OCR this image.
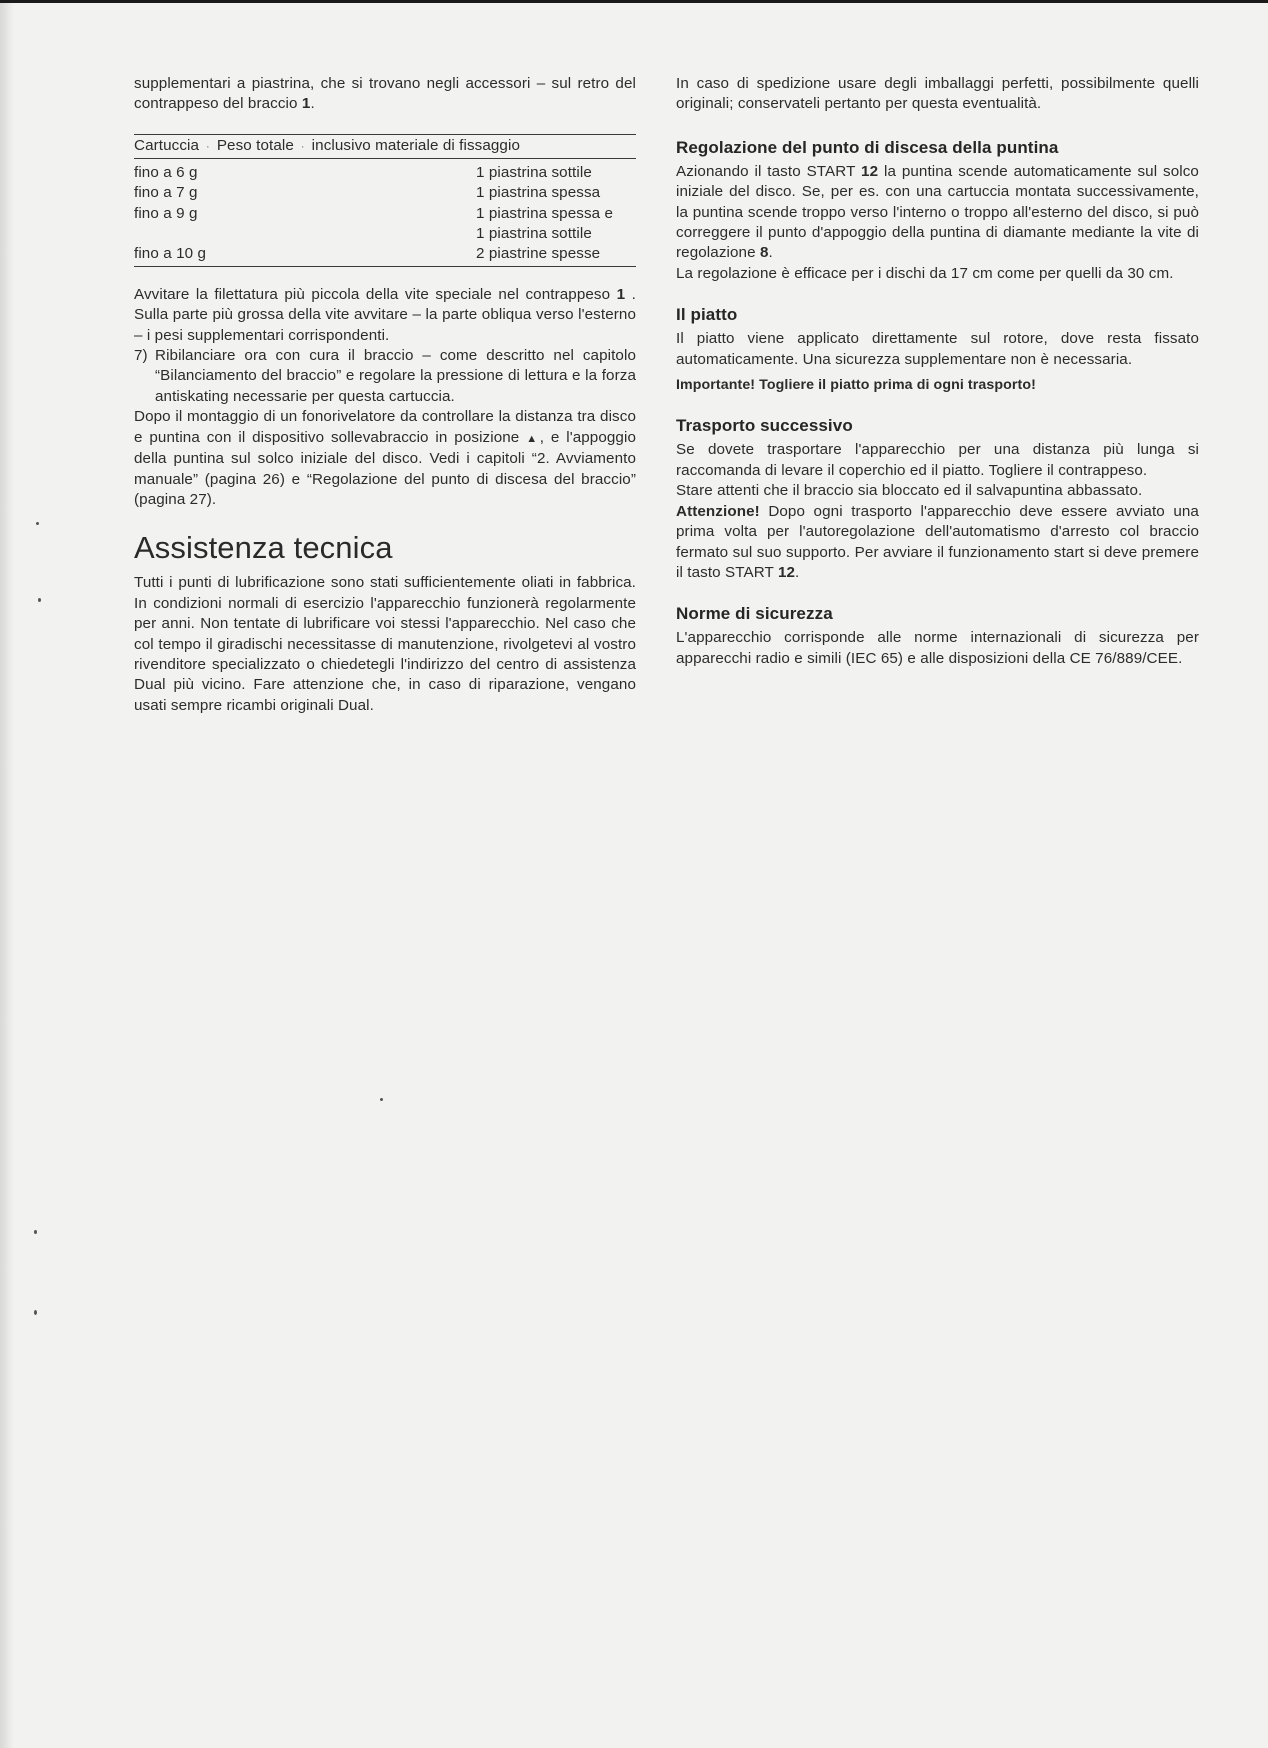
supplementari a piastrina, che si trovano negli accessori – sul retro del contrappeso del braccio 1.

Cartuccia · Peso totale · inclusivo materiale di fissaggio
fino a 6 g	1 piastrina sottile
fino a 7 g	1 piastrina spessa
fino a 9 g	1 piastrina spessa e
1 piastrina sottile
fino a 10 g	2 piastrine spesse

Avvitare la filettatura più piccola della vite speciale nel contrappeso 1 . Sulla parte più grossa della vite avvitare – la parte obliqua verso l'esterno – i pesi supplementari corrispondenti.

7) Ribilanciare ora con cura il braccio – come descritto nel capitolo “Bilanciamento del braccio” e regolare la pressione di lettura e la forza antiskating necessarie per questa cartuccia.

Dopo il montaggio di un fonorivelatore da controllare la distanza tra disco e puntina con il dispositivo sollevabraccio in posizione ▲, e l'appoggio della puntina sul solco iniziale del disco. Vedi i capitoli “2. Avviamento manuale” (pagina 26) e “Regolazione del punto di discesa del braccio” (pagina 27).

Assistenza tecnica

Tutti i punti di lubrificazione sono stati sufficientemente oliati in fabbrica. In condizioni normali di esercizio l'apparecchio funzionerà regolarmente per anni. Non tentate di lubrificare voi stessi l'apparecchio. Nel caso che col tempo il giradischi necessitasse di manutenzione, rivolgetevi al vostro rivenditore specializzato o chiedetegli l'indirizzo del centro di assistenza Dual più vicino. Fare attenzione che, in caso di riparazione, vengano usati sempre ricambi originali Dual.

In caso di spedizione usare degli imballaggi perfetti, possibilmente quelli originali; conservateli pertanto per questa eventualità.

Regolazione del punto di discesa della puntina

Azionando il tasto START 12 la puntina scende automaticamente sul solco iniziale del disco. Se, per es. con una cartuccia montata successivamente, la puntina scende troppo verso l'interno o troppo all'esterno del disco, si può correggere il punto d'appoggio della puntina di diamante mediante la vite di regolazione 8.

La regolazione è efficace per i dischi da 17 cm come per quelli da 30 cm.

Il piatto

Il piatto viene applicato direttamente sul rotore, dove resta fissato automaticamente. Una sicurezza supplementare non è necessaria.

Importante! Togliere il piatto prima di ogni trasporto!

Trasporto successivo

Se dovete trasportare l'apparecchio per una distanza più lunga si raccomanda di levare il coperchio ed il piatto. Togliere il contrappeso.

Stare attenti che il braccio sia bloccato ed il salvapuntina abbassato.

Attenzione! Dopo ogni trasporto l'apparecchio deve essere avviato una prima volta per l'autoregolazione dell'automatismo d'arresto col braccio fermato sul suo supporto. Per avviare il funzionamento start si deve premere il tasto START 12.

Norme di sicurezza

L'apparecchio corrisponde alle norme internazionali di sicurezza per apparecchi radio e simili (IEC 65) e alle disposizioni della CE 76/889/CEE.
